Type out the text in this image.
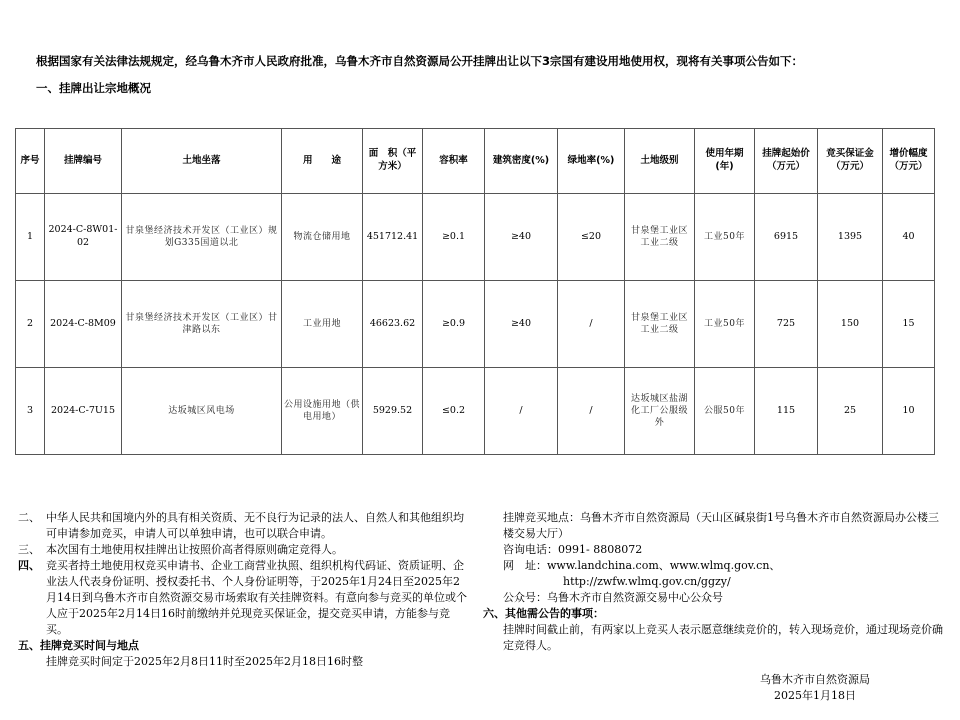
根据国家有关法律法规规定，经乌鲁木齐市人民政府批准，乌鲁木齐市自然资源局公开挂牌出让以下3宗国有建设用地使用权，现将有关事项公告如下：
一、挂牌出让宗地概况
序号	挂牌编号	土地坐落	用　　途	面　积（平方米）	容积率	建筑密度(%)	绿地率(%)	土地级别	使用年期(年)	挂牌起始价（万元）	竞买保证金（万元）	增价幅度（万元）
1	2024-C-8W01-02	甘泉堡经济技术开发区（工业区）规划G335国道以北	物流仓储用地	451712.41	≥0.1	≥40	≤20	甘泉堡工业区工业二级	工业50年	6915	1395	40
2	2024-C-8M09	甘泉堡经济技术开发区（工业区）甘津路以东	工业用地	46623.62	≥0.9	≥40	/	甘泉堡工业区工业二级	工业50年	725	150	15
3	2024-C-7U15	达坂城区风电场	公用设施用地（供电用地）	5929.52	≤0.2	/	/	达坂城区盐湖化工厂公服级外	公服50年	115	25	10
二、 中华人民共和国境内外的具有相关资质、无不良行为记录的法人、自然人和其他组织均可申请参加竞买，申请人可以单独申请，也可以联合申请。
三、 本次国有土地使用权挂牌出让按照价高者得原则确定竞得人。
四、 竞买者持土地使用权竞买申请书、企业工商营业执照、组织机构代码证、资质证明、企业法人代表身份证明、授权委托书、个人身份证明等，于2025年1月24日至2025年2月14日到乌鲁木齐市自然资源交易市场索取有关挂牌资料。有意向参与竞买的单位或个人应于2025年2月14日16时前缴纳并兑现竞买保证金，提交竞买申请，方能参与竞买。

五、挂牌竞买时间与地点

挂牌竞买时间定于2025年2月8日11时至2025年2月18日16时整

挂牌竞买地点：乌鲁木齐市自然资源局（天山区碱泉街1号乌鲁木齐市自然资源局办公楼三楼交易大厅）

咨询电话：0991- 8808072

网　址：www.landchina.com、www.wlmq.gov.cn、

http://zwfw.wlmq.gov.cn/ggzy/

公众号：乌鲁木齐市自然资源交易中心公众号

六、其他需公告的事项：

挂牌时间截止前，有两家以上竞买人表示愿意继续竞价的，转入现场竞价，通过现场竞价确定竞得人。

乌鲁木齐市自然资源局
2025年1月18日
